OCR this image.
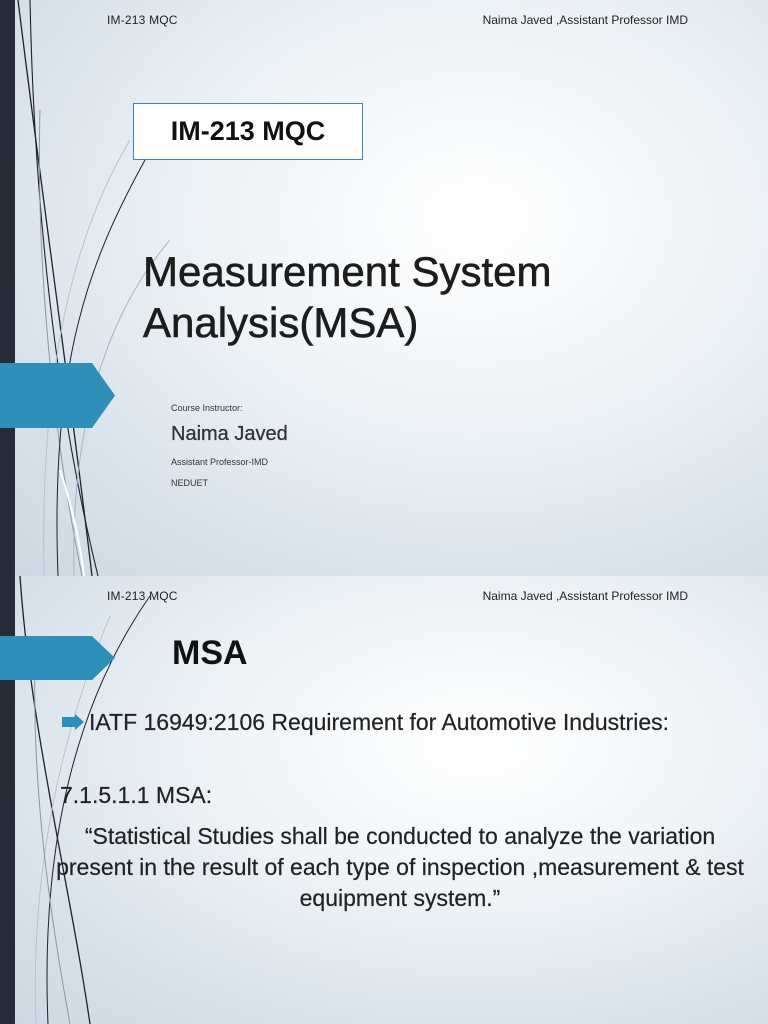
IM-213 MQC	Naima Javed ,Assistant Professor IMD
IM-213 MQC
Measurement System Analysis(MSA)
Course Instructor:
Naima Javed
Assistant Professor-IMD
NEDUET
IM-213 MQC	Naima Javed ,Assistant Professor IMD
MSA
IATF 16949:2106 Requirement for Automotive Industries:
7.1.5.1.1 MSA:
“Statistical Studies shall be conducted to analyze the variation present in the result of each type of inspection ,measurement & test equipment system.”
